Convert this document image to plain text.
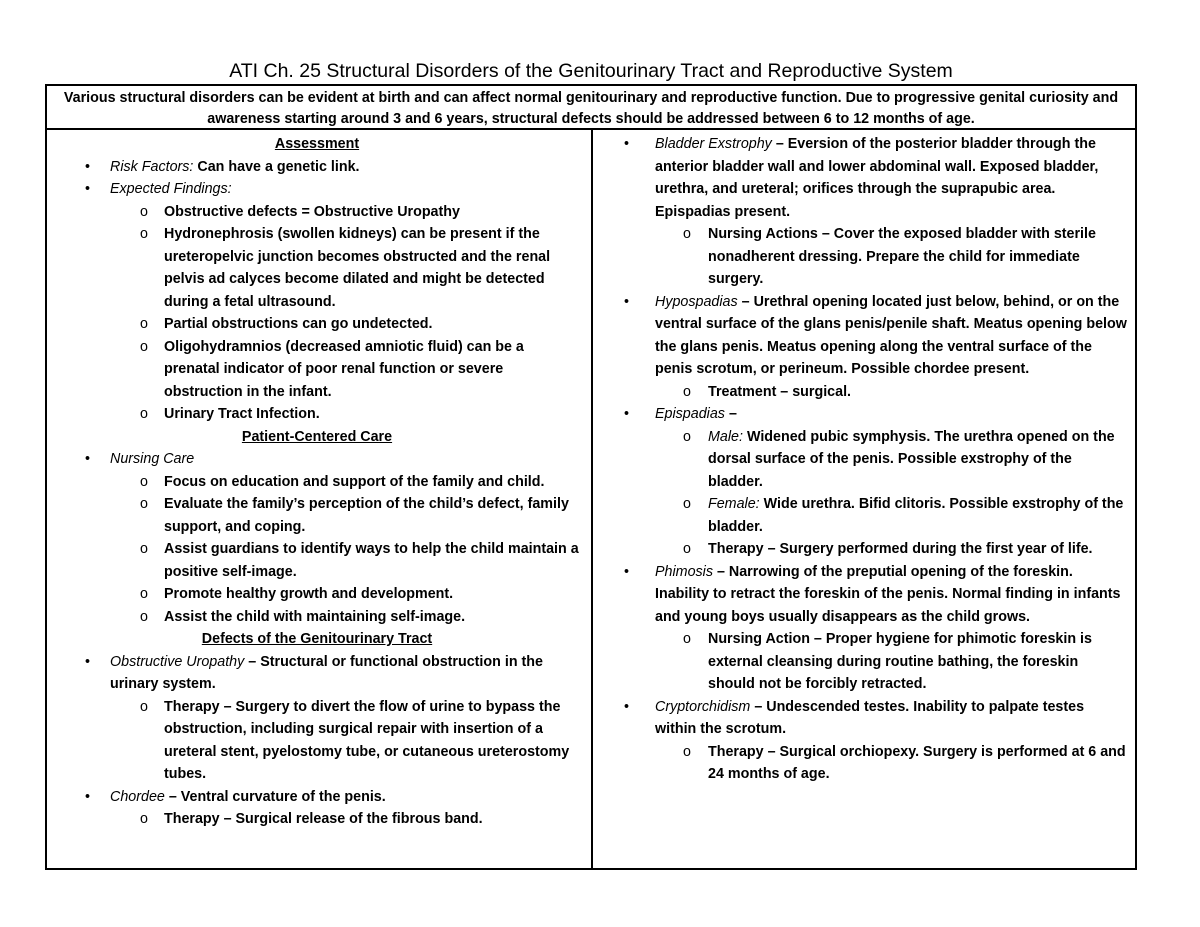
ATI Ch. 25 Structural Disorders of the Genitourinary Tract and Reproductive System
Various structural disorders can be evident at birth and can affect normal genitourinary and reproductive function. Due to progressive genital curiosity and awareness starting around 3 and 6 years, structural defects should be addressed between 6 to 12 months of age.
Assessment
• Risk Factors: Can have a genetic link.
• Expected Findings:
o Obstructive defects = Obstructive Uropathy
o Hydronephrosis (swollen kidneys) can be present if the ureteropelvic junction becomes obstructed and the renal pelvis ad calyces become dilated and might be detected during a fetal ultrasound.
o Partial obstructions can go undetected.
o Oligohydramnios (decreased amniotic fluid) can be a prenatal indicator of poor renal function or severe obstruction in the infant.
o Urinary Tract Infection.
Patient-Centered Care
• Nursing Care
o Focus on education and support of the family and child.
o Evaluate the family’s perception of the child’s defect, family support, and coping.
o Assist guardians to identify ways to help the child maintain a positive self-image.
o Promote healthy growth and development.
o Assist the child with maintaining self-image.
Defects of the Genitourinary Tract
• Obstructive Uropathy – Structural or functional obstruction in the urinary system.
o Therapy – Surgery to divert the flow of urine to bypass the obstruction, including surgical repair with insertion of a ureteral stent, pyelostomy tube, or cutaneous ureterostomy tubes.
• Chordee – Ventral curvature of the penis.
o Therapy – Surgical release of the fibrous band.
• Bladder Exstrophy – Eversion of the posterior bladder through the anterior bladder wall and lower abdominal wall. Exposed bladder, urethra, and ureteral; orifices through the suprapubic area. Epispadias present.
o Nursing Actions – Cover the exposed bladder with sterile nonadherent dressing. Prepare the child for immediate surgery.
• Hypospadias – Urethral opening located just below, behind, or on the ventral surface of the glans penis/penile shaft. Meatus opening below the glans penis. Meatus opening along the ventral surface of the penis scrotum, or perineum. Possible chordee present.
o Treatment – surgical.
• Epispadias –
o Male: Widened pubic symphysis. The urethra opened on the dorsal surface of the penis. Possible exstrophy of the bladder.
o Female: Wide urethra. Bifid clitoris. Possible exstrophy of the bladder.
o Therapy – Surgery performed during the first year of life.
• Phimosis – Narrowing of the preputial opening of the foreskin. Inability to retract the foreskin of the penis. Normal finding in infants and young boys usually disappears as the child grows.
o Nursing Action – Proper hygiene for phimotic foreskin is external cleansing during routine bathing, the foreskin should not be forcibly retracted.
• Cryptorchidism – Undescended testes. Inability to palpate testes within the scrotum.
o Therapy – Surgical orchiopexy. Surgery is performed at 6 and 24 months of age.
